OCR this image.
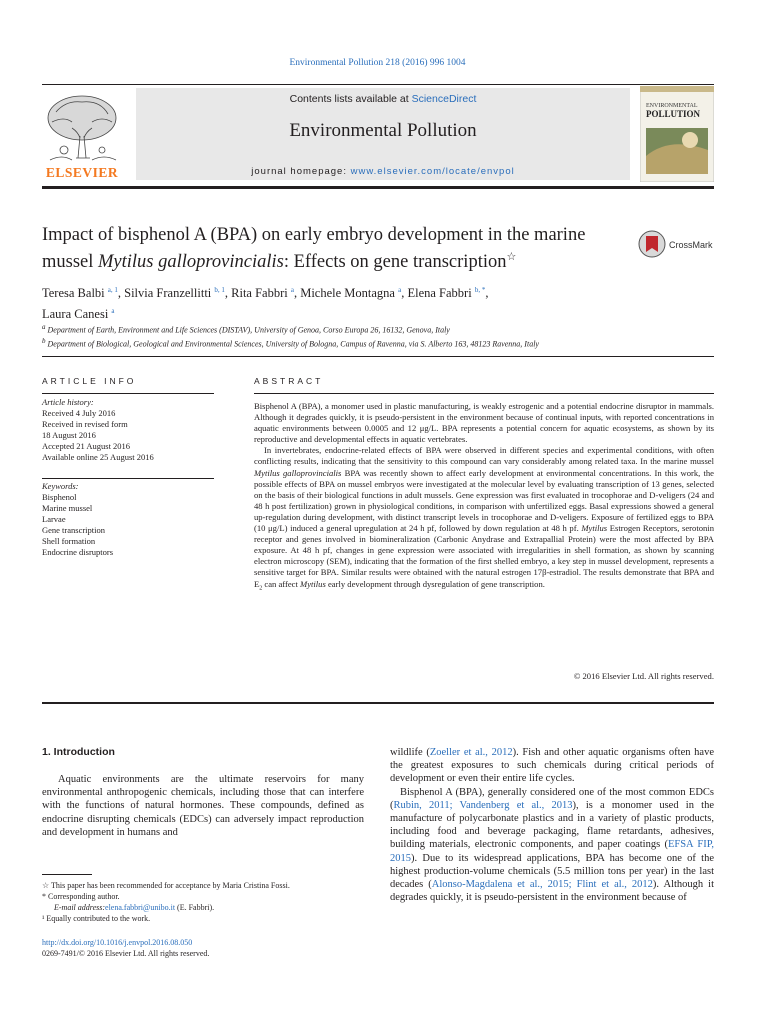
Environmental Pollution 218 (2016) 996 1004
ELSEVIER
Contents lists available at ScienceDirect
Environmental Pollution
journal homepage: www.elsevier.com/locate/envpol
ENVIRONMENTAL
POLLUTION
Impact of bisphenol A (BPA) on early embryo development in the marine mussel Mytilus galloprovincialis: Effects on gene transcription☆
CrossMark
Teresa Balbi $^{a, 1}$, Silvia Franzellitti $^{b, 1}$, Rita Fabbri $^a$, Michele Montagna $^a$, Elena Fabbri $^{b, *}$,
Laura Canesi $^a$
$^a$ Department of Earth, Environment and Life Sciences (DISTAV), University of Genoa, Corso Europa 26, 16132, Genova, Italy
$^b$ Department of Biological, Geological and Environmental Sciences, University of Bologna, Campus of Ravenna, via S. Alberto 163, 48123 Ravenna, Italy
ARTICLE INFO	ABSTRACT
Article history:
Received 4 July 2016
Received in revised form
18 August 2016
Accepted 21 August 2016
Available online 25 August 2016
Keywords:
Bisphenol
Marine mussel
Larvae
Gene transcription
Shell formation
Endocrine disruptors

Bisphenol A (BPA), a monomer used in plastic manufacturing, is weakly estrogenic and a potential endocrine disruptor in mammals. Although it degrades quickly, it is pseudo-persistent in the environment because of continual inputs, with reported concentrations in aquatic environments between 0.0005 and 12 μg/L. BPA represents a potential concern for aquatic ecosystems, as shown by its reproductive and developmental effects in aquatic vertebrates.

In invertebrates, endocrine-related effects of BPA were observed in different species and experimental conditions, with often conflicting results, indicating that the sensitivity to this compound can vary considerably among related taxa. In the marine mussel Mytilus galloprovincialis BPA was recently shown to affect early development at environmental concentrations. In this work, the possible effects of BPA on mussel embryos were investigated at the molecular level by evaluating transcription of 13 genes, selected on the basis of their biological functions in adult mussels. Gene expression was first evaluated in trocophorae and D-veligers (24 and 48 h post fertilization) grown in physiological conditions, in comparison with unfertilized eggs. Basal expressions showed a general up-regulation during development, with distinct transcript levels in trocophorae and D-veligers. Exposure of fertilized eggs to BPA (10 μg/L) induced a general upregulation at 24 h pf, followed by down regulation at 48 h pf. Mytilus Estrogen Receptors, serotonin receptor and genes involved in biomineralization (Carbonic Anydrase and Extrapallial Protein) were the most affected by BPA exposure. At 48 h pf, changes in gene expression were associated with irregularities in shell formation, as shown by scanning electron microscopy (SEM), indicating that the formation of the first shelled embryo, a key step in mussel development, represents a sensitive target for BPA. Similar results were obtained with the natural estrogen 17β-estradiol. The results demonstrate that BPA and $E_2$ can affect Mytilus early development through dysregulation of gene transcription.

© 2016 Elsevier Ltd. All rights reserved.
1. Introduction
Aquatic environments are the ultimate reservoirs for many environmental anthropogenic chemicals, including those that can interfere with the functions of natural hormones. These compounds, defined as endocrine disrupting chemicals (EDCs) can adversely impact reproduction and development in humans and

wildlife (Zoeller et al., 2012). Fish and other aquatic organisms often have the greatest exposures to such chemicals during critical periods of development or even their entire life cycles.

Bisphenol A (BPA), generally considered one of the most common EDCs (Rubin, 2011; Vandenberg et al., 2013), is a monomer used in the manufacture of polycarbonate plastics and in a variety of plastic products, including food and beverage packaging, flame retardants, adhesives, building materials, electronic components, and paper coatings (EFSA FIP, 2015). Due to its widespread applications, BPA has become one of the highest production-volume chemicals (5.5 million tons per year) in the last decades (Alonso-Magdalena et al., 2015; Flint et al., 2012). Although it degrades quickly, it is pseudo-persistent in the environment because of

☆ This paper has been recommended for acceptance by Maria Cristina Fossi.
* Corresponding author.
E-mail address:elena.fabbri@unibo.it (E. Fabbri).
¹ Equally contributed to the work.
http://dx.doi.org/10.1016/j.envpol.2016.08.050
0269-7491/© 2016 Elsevier Ltd. All rights reserved.
